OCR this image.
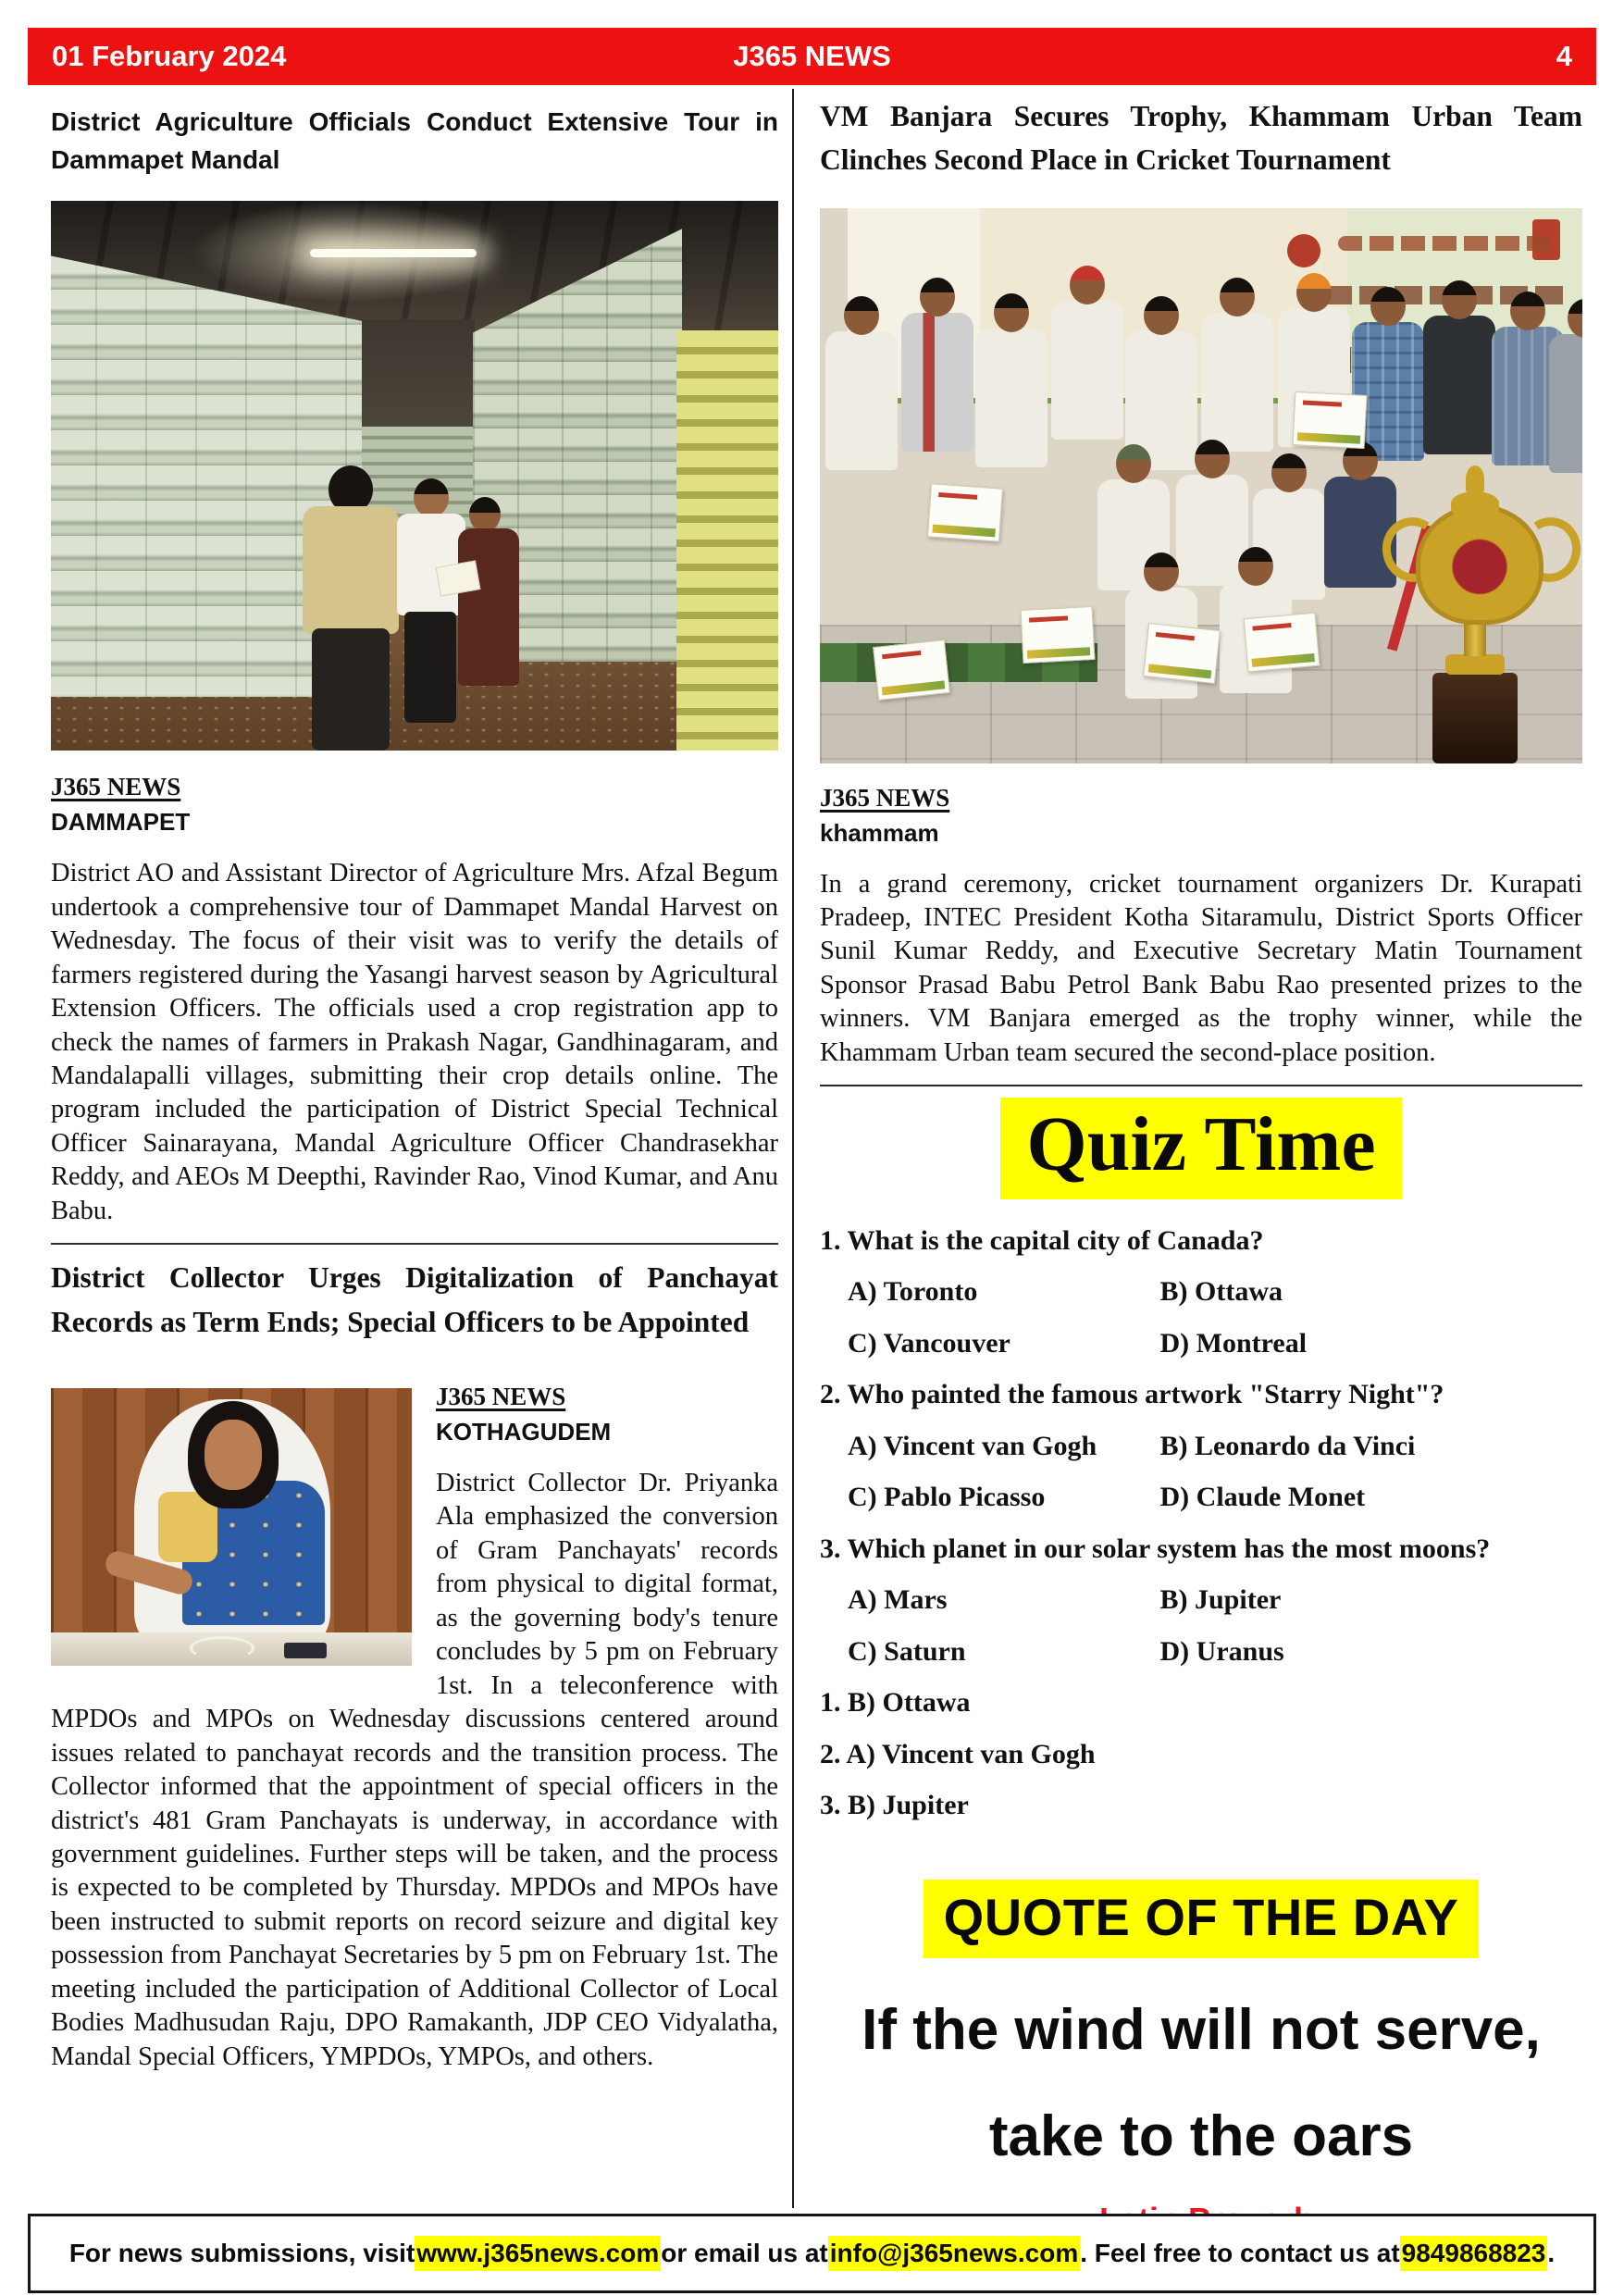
01 February 2024	J365 NEWS	4
District Agriculture Officials Conduct Extensive Tour in Dammapet Mandal
J365 NEWS
DAMMAPET

District AO and Assistant Director of Agriculture Mrs. Afzal Begum undertook a comprehensive tour of Dammapet Mandal Harvest on Wednesday. The focus of their visit was to verify the details of farmers registered during the Yasangi harvest season by Agricultural Extension Officers. The officials used a crop registration app to check the names of farmers in Prakash Nagar, Gandhinagaram, and Mandalapalli villages, submitting their crop details online. The program included the participation of District Special Technical Officer Sainarayana, Mandal Agriculture Officer Chandrasekhar Reddy, and AEOs M Deepthi, Ravinder Rao, Vinod Kumar, and Anu Babu.

District Collector Urges Digitalization of Panchayat Records as Term Ends; Special Officers to be Appointed
J365 NEWS
KOTHAGUDEM

District Collector Dr. Priyanka Ala emphasized the conversion of Gram Panchayats' records from physical to digital format, as the governing body's tenure concludes by 5 pm on February 1st. In a teleconference with MPDOs and MPOs on Wednesday discussions centered around issues related to panchayat records and the transition process. The Collector informed that the appointment of special officers in the district's 481 Gram Panchayats is underway, in accordance with government guidelines. Further steps will be taken, and the process is expected to be completed by Thursday. MPDOs and MPOs have been instructed to submit reports on record seizure and digital key possession from Panchayat Secretaries by 5 pm on February 1st. The meeting included the participation of Additional Collector of Local Bodies Madhusudan Raju, DPO Ramakanth, JDP CEO Vidyalatha, Mandal Special Officers, YMPDOs, YMPOs, and others.

VM Banjara Secures Trophy, Khammam Urban Team Clinches Second Place in Cricket Tournament
J365 NEWS
khammam

In a grand ceremony, cricket tournament organizers Dr. Kurapati Pradeep, INTEC President Kotha Sitaramulu, District Sports Officer Sunil Kumar Reddy, and Executive Secretary Matin Tournament Sponsor Prasad Babu Petrol Bank Babu Rao presented prizes to the winners. VM Banjara emerged as the trophy winner, while the Khammam Urban team secured the second-place position.

Quiz Time
1. What is the capital city of Canada?
A) Toronto	B) Ottawa
C) Vancouver	D) Montreal
2. Who painted the famous artwork "Starry Night"?
A) Vincent van Gogh B) Leonardo da Vinci
C) Pablo Picasso	D) Claude Monet
3. Which planet in our solar system has the most moons?
A) Mars	B) Jupiter
C) Saturn	D) Uranus
1. B) Ottawa
2. A) Vincent van Gogh
3. B) Jupiter
QUOTE OF THE DAY
If the wind will not serve,
take to the oars
For news submissions, visit www.j365news.com or email us at info@j365news.com . Feel free to contact us at 9849868823 .
